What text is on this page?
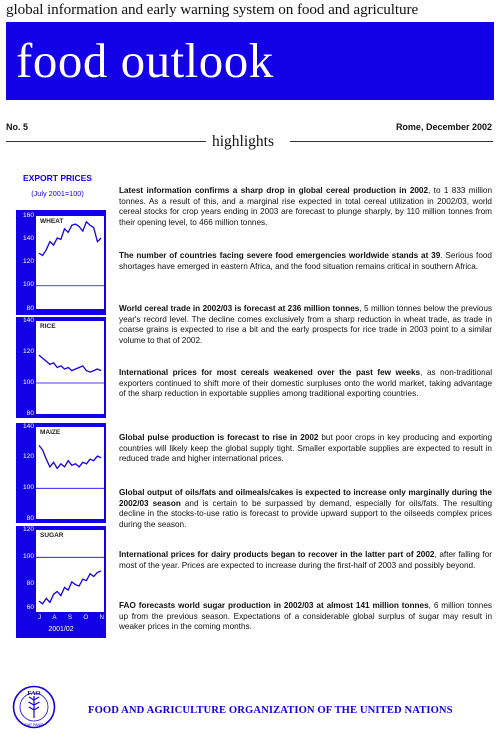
global information and early warning system on food and agriculture
food outlook
No. 5	Rome, December 2002
highlights
EXPORT PRICES
(July 2001=100)
WHEAT
160
140
120
100
80
RICE
140
120
100
80
MAIZE
140
120
100
80
SUGAR
120
100
80
60
J A S O N
2001/02

Latest information confirms a sharp drop in global cereal production in 2002, to 1 833 million tonnes. As a result of this, and a marginal rise expected in total cereal utilization in 2002/03, world cereal stocks for crop years ending in 2003 are forecast to plunge sharply, by 110 million tonnes from their opening level, to 466 million tonnes.

The number of countries facing severe food emergencies worldwide stands at 39. Serious food shortages have emerged in eastern Africa, and the food situation remains critical in southern Africa.

World cereal trade in 2002/03 is forecast at 236 million tonnes, 5 million tonnes below the previous year's record level. The decline comes exclusively from a sharp reduction in wheat trade, as trade in coarse grains is expected to rise a bit and the early prospects for rice trade in 2003 point to a similar volume to that of 2002.

International prices for most cereals weakened over the past few weeks, as non-traditional exporters continued to shift more of their domestic surpluses onto the world market, taking advantage of the sharp reduction in exportable supplies among traditional exporting countries.

Global pulse production is forecast to rise in 2002 but poor crops in key producing and exporting countries will likely keep the global supply tight. Smaller exportable supplies are expected to result in reduced trade and higher international prices.

Global output of oils/fats and oilmeals/cakes is expected to increase only marginally during the 2002/03 season and is certain to be surpassed by demand, especially for oils/fats. The resulting decline in the stocks-to-use ratio is forecast to provide upward support to the oilseeds complex prices during the season.

International prices for dairy products began to recover in the latter part of 2002, after falling for most of the year. Prices are expected to increase during the first-half of 2003 and possibly beyond.

FAO forecasts world sugar production in 2002/03 at almost 141 million tonnes, 6 million tonnes up from the previous season. Expectations of a considerable global surplus of sugar may result in weaker prices in the coming months.

FAO
FIAT PANIS
FOOD AND AGRICULTURE ORGANIZATION OF THE UNITED NATIONS
